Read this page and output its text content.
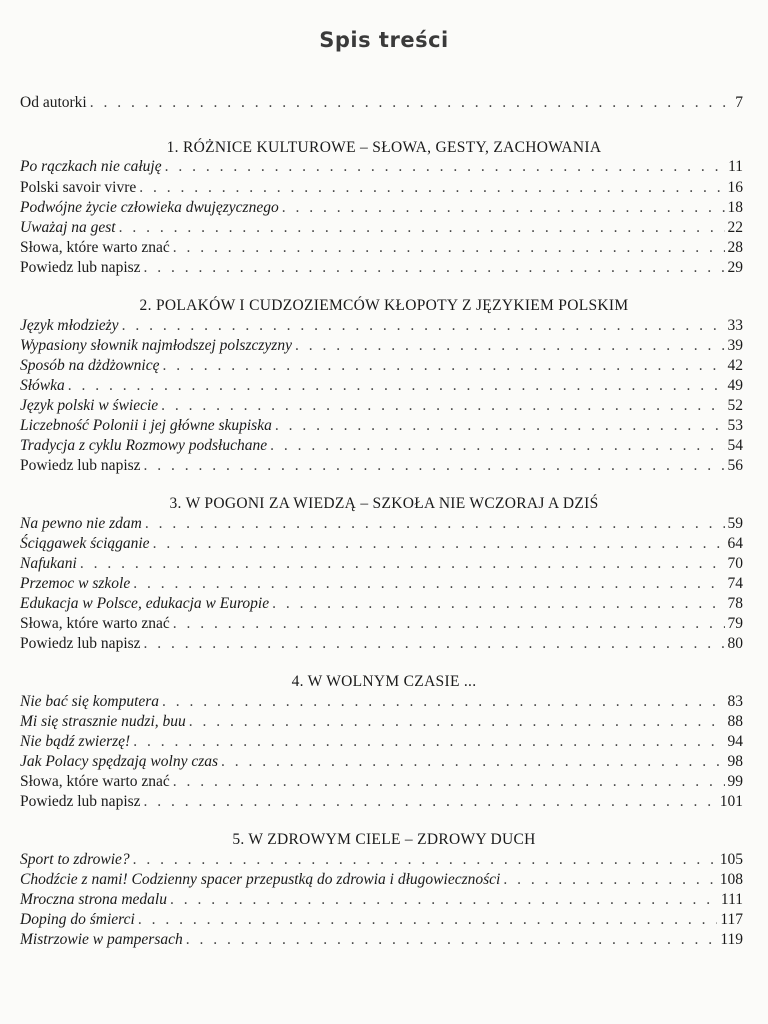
Spis treści
Od autorki . . .	7
1. RÓŻNICE KULTUROWE – SŁOWA, GESTY, ZACHOWANIA
Po rączkach nie całuję . . .	11
Polski savoir vivre . . .	16
Podwójne życie człowieka dwujęzycznego . . .	18
Uważaj na gest . . .	22
Słowa, które warto znać . . .	28
Powiedz lub napisz . . .	29
2. POLAKÓW I CUDZOZIEMCÓW KŁOPOTY Z JĘZYKIEM POLSKIM
Język młodzieży . . .	33
Wypasiony słownik najmłodszej polszczyzny . . .	39
Sposób na dżdżownicę . . .	42
Słówka . . .	49
Język polski w świecie . . .	52
Liczebność Polonii i jej główne skupiska . . .	53
Tradycja z cyklu Rozmowy podsłuchane . . .	54
Powiedz lub napisz . . .	56
3. W POGONI ZA WIEDZĄ – SZKOŁA NIE WCZORAJ A DZIŚ
Na pewno nie zdam . . .	59
Ściągawek ściąganie . . .	64
Nafukani . . .	70
Przemoc w szkole . . .	74
Edukacja w Polsce, edukacja w Europie . . .	78
Słowa, które warto znać . . .	79
Powiedz lub napisz . . .	80
4. W WOLNYM CZASIE ...
Nie bać się komputera . . .	83
Mi się strasznie nudzi, buu . . .	88
Nie bądź zwierzę! . . .	94
Jak Polacy spędzają wolny czas . . .	98
Słowa, które warto znać . . .	99
Powiedz lub napisz . . .	101
5. W ZDROWYM CIELE – ZDROWY DUCH
Sport to zdrowie? . . .	105
Chodźcie z nami! Codzienny spacer przepustką do zdrowia i długowieczności . . .	108
Mroczna strona medalu . . .	111
Doping do śmierci . . .	117
Mistrzowie w pampersach . . .	119
